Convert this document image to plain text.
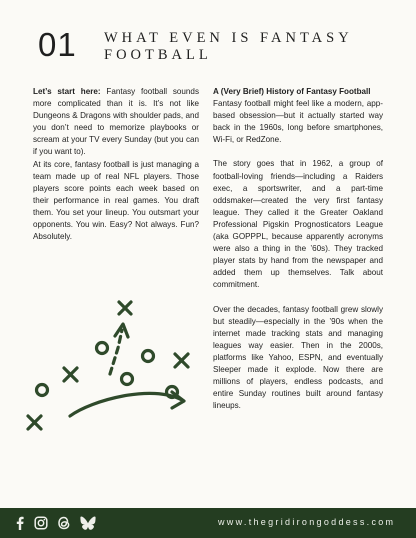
01 WHAT EVEN IS FANTASY
FOOTBALL

Let’s start here: Fantasy football sounds more complicated than it is. It’s not like Dungeons & Dragons with shoulder pads, and you don’t need to memorize playbooks or scream at your TV every Sunday (but you can if you want to).

At its core, fantasy football is just managing a team made up of real NFL players. Those players score points each week based on their performance in real games. You draft them. You set your lineup. You outsmart your opponents. You win. Easy? Not always. Fun? Absolutely.

A (Very Brief) History of Fantasy Football

Fantasy football might feel like a modern, app-based obsession—but it actually started way back in the 1960s, long before smartphones, Wi-Fi, or RedZone.

The story goes that in 1962, a group of football-loving friends—including a Raiders exec, a sportswriter, and a part-time oddsmaker—created the very first fantasy league. They called it the Greater Oakland Professional Pigskin Prognosticators League (aka GOPPPL, because apparently acronyms were also a thing in the ’60s). They tracked player stats by hand from the newspaper and added them up themselves. Talk about commitment.

Over the decades, fantasy football grew slowly but steadily—especially in the ’90s when the internet made tracking stats and managing leagues way easier. Then in the 2000s, platforms like Yahoo, ESPN, and eventually Sleeper made it explode. Now there are millions of players, endless podcasts, and entire Sunday routines built around fantasy lineups.

www.thegridirongoddess.com
